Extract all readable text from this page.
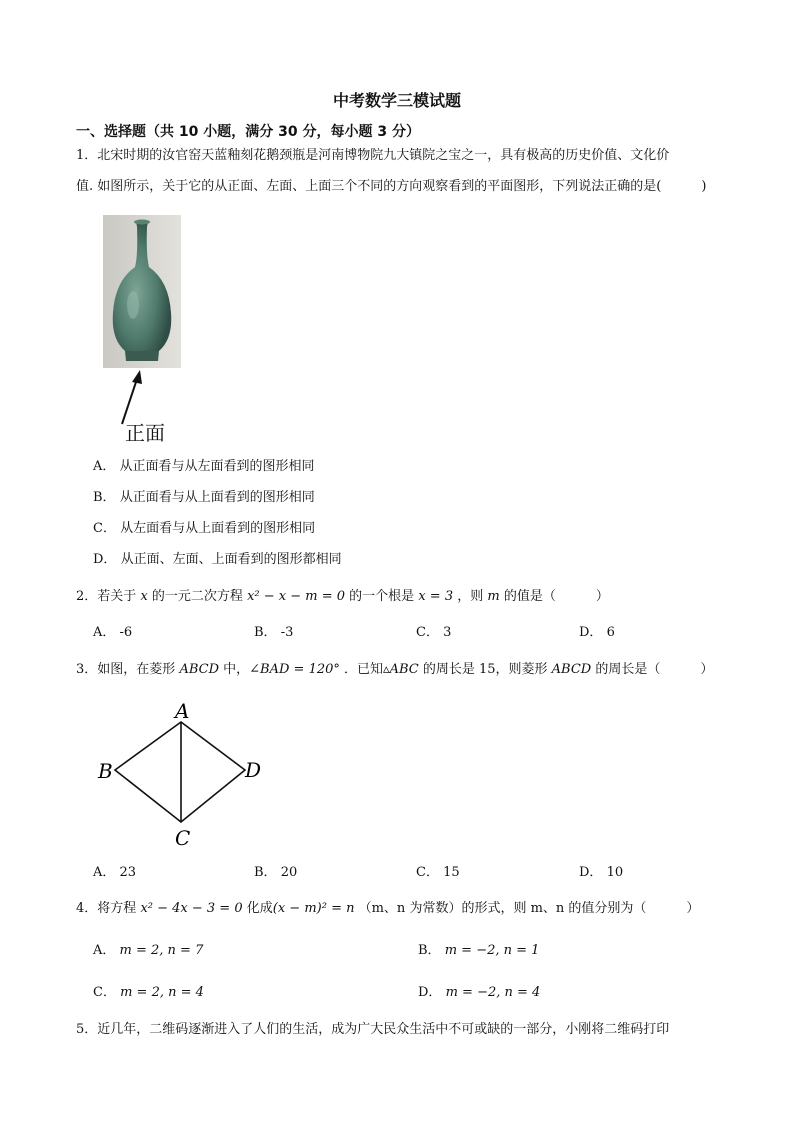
中考数学三模试题
一、选择题（共 10 小题，满分 30 分，每小题 3 分）
1．北宋时期的汝官窑天蓝釉刻花鹅颈瓶是河南博物院九大镇院之宝之一，具有极高的历史价值、文化价
值. 如图所示，关于它的从正面、左面、上面三个不同的方向观察看到的平面图形，下列说法正确的是(	)
正面
A． 从正面看与从左面看到的图形相同
B． 从正面看与从上面看到的图形相同
C． 从左面看与从上面看到的图形相同
D． 从正面、左面、上面看到的图形都相同
2．若关于 x 的一元二次方程 x² − x − m = 0 的一个根是 x = 3 ，则 m 的值是（	）
A． -6	B． -3	C． 3	D． 6
3．如图，在菱形 ABCD 中，∠BAD = 120° ．已知▵ABC 的周长是 15，则菱形 ABCD 的周长是（	）
A
B
C
D
A． 23	B． 20	C． 15	D． 10
4．将方程 x² − 4x − 3 = 0 化成(x − m)² = n （m、n 为常数）的形式，则 m、n 的值分别为（	）
A． m = 2, n = 7	B． m = −2, n = 1
C． m = 2, n = 4	D． m = −2, n = 4
5．近几年，二维码逐渐进入了人们的生活，成为广大民众生活中不可或缺的一部分，小刚将二维码打印
